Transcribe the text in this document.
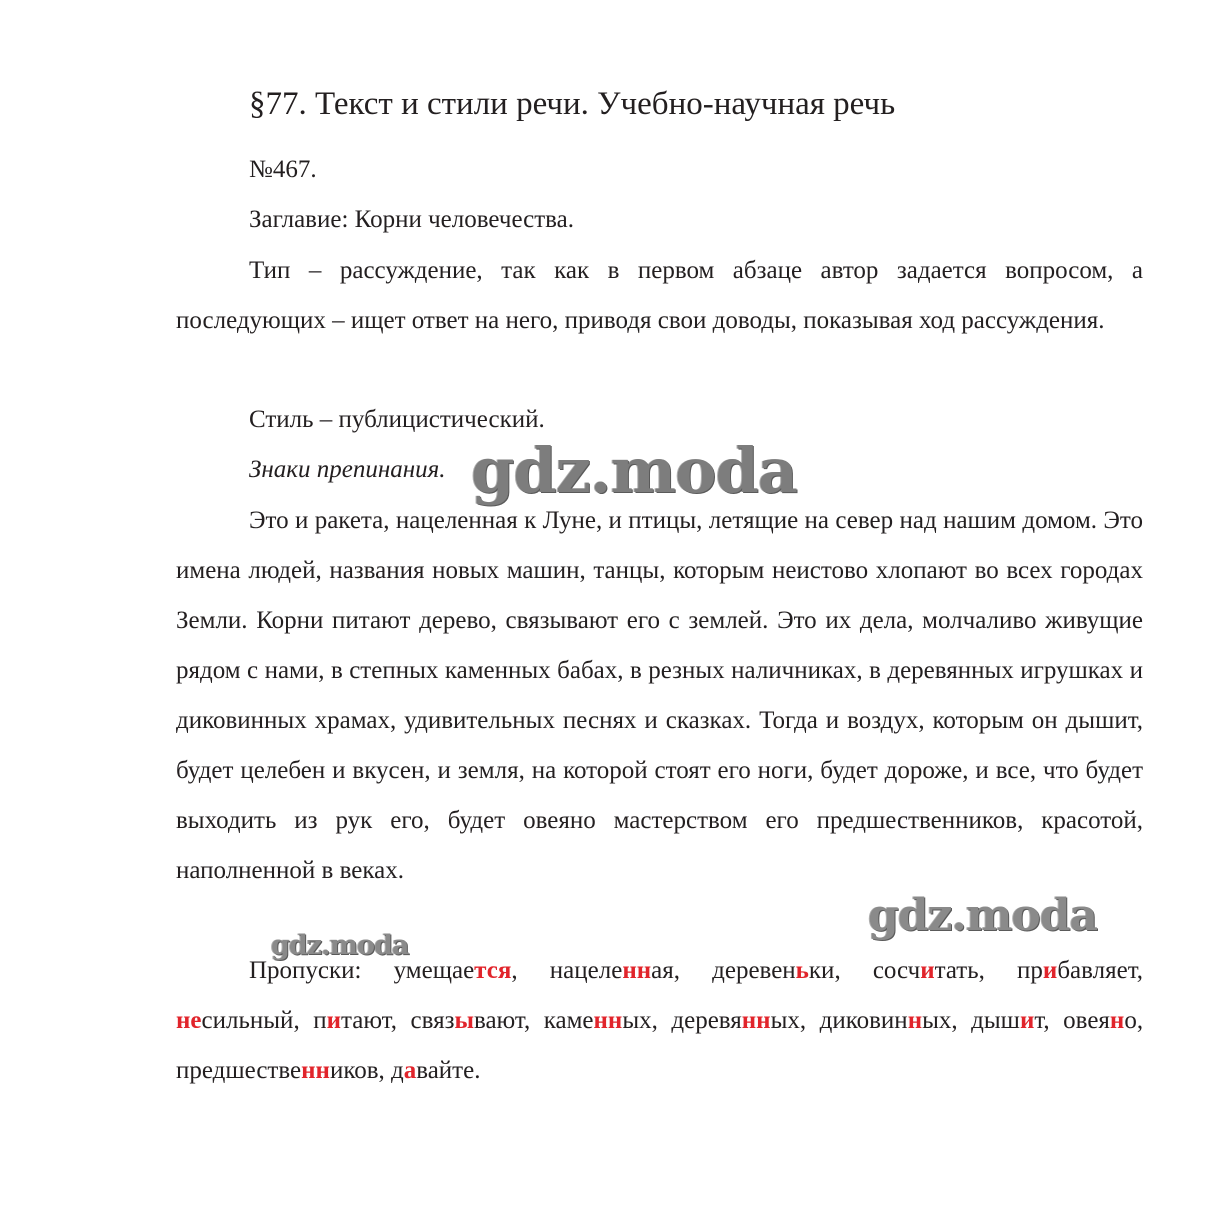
§77. Текст и стили речи. Учебно-научная речь
№467.
Заглавие: Корни человечества.
Тип – рассуждение, так как в первом абзаце автор задается вопросом, а последующих – ищет ответ на него, приводя свои доводы, показывая ход рассуждения.
Стиль – публицистический.
Знаки препинания.
Это и ракета, нацеленная к Луне, и птицы, летящие на север над нашим домом. Это имена людей, названия новых машин, танцы, которым неистово хлопают во всех городах Земли. Корни питают дерево, связывают его с землей. Это их дела, молчаливо живущие рядом с нами, в степных каменных бабах, в резных наличниках, в деревянных игрушках и диковинных храмах, удивительных песнях и сказках. Тогда и воздух, которым он дышит, будет целебен и вкусен, и земля, на которой стоят его ноги, будет дороже, и все, что будет выходить из рук его, будет овеяно мастерством его предшественников, красотой, наполненной в веках.
Пропуски: умещается, нацеленная, деревеньки, сосчитать, прибавляет, несильный, питают, связывают, каменных, деревянных, диковинных, дышит, овеяно, предшественников, давайте.
gdz.moda
gdz.moda
gdz.moda
